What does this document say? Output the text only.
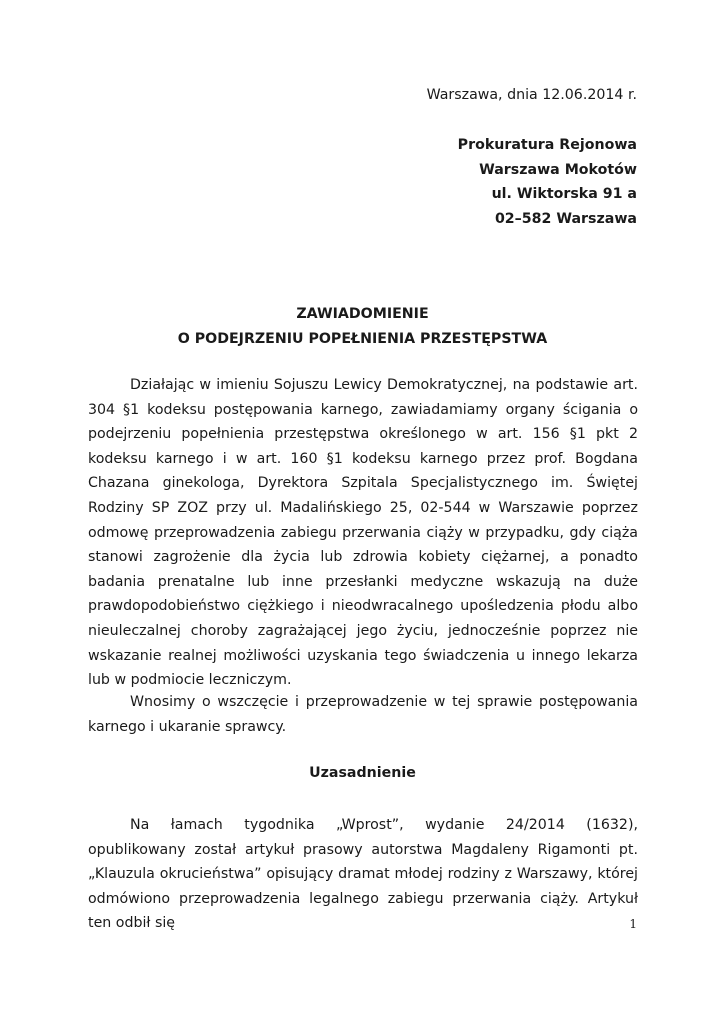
Warszawa, dnia 12.06.2014 r.
Prokuratura Rejonowa
Warszawa Mokotów
ul. Wiktorska 91 a
02–582 Warszawa
ZAWIADOMIENIE
O PODEJRZENIU POPEŁNIENIA PRZESTĘPSTWA

Działając w imieniu Sojuszu Lewicy Demokratycznej, na podstawie art. 304 §1 kodeksu postępowania karnego, zawiadamiamy organy ścigania o podejrzeniu popełnienia przestępstwa określonego w art. 156 §1 pkt 2 kodeksu karnego i w art. 160 §1 kodeksu karnego przez prof. Bogdana Chazana ginekologa, Dyrektora Szpitala Specjalistycznego im. Świętej Rodziny SP ZOZ przy ul. Madalińskiego 25, 02-544 w Warszawie poprzez odmowę przeprowadzenia zabiegu przerwania ciąży w przypadku, gdy ciąża stanowi zagrożenie dla życia lub zdrowia kobiety ciężarnej, a ponadto badania prenatalne lub inne przesłanki medyczne wskazują na duże prawdopodobieństwo ciężkiego i nieodwracalnego upośledzenia płodu albo nieuleczalnej choroby zagrażającej jego życiu, jednocześnie poprzez nie wskazanie realnej możliwości uzyskania tego świadczenia u innego lekarza lub w podmiocie leczniczym.

Wnosimy o wszczęcie i przeprowadzenie w tej sprawie postępowania karnego i ukaranie sprawcy.

Uzasadnienie

Na łamach tygodnika „Wprost”, wydanie 24/2014 (1632), opublikowany został artykuł prasowy autorstwa Magdaleny Rigamonti pt. „Klauzula okrucieństwa” opisujący dramat młodej rodziny z Warszawy, której odmówiono przeprowadzenia legalnego zabiegu przerwania ciąży. Artykuł ten odbił się	1
